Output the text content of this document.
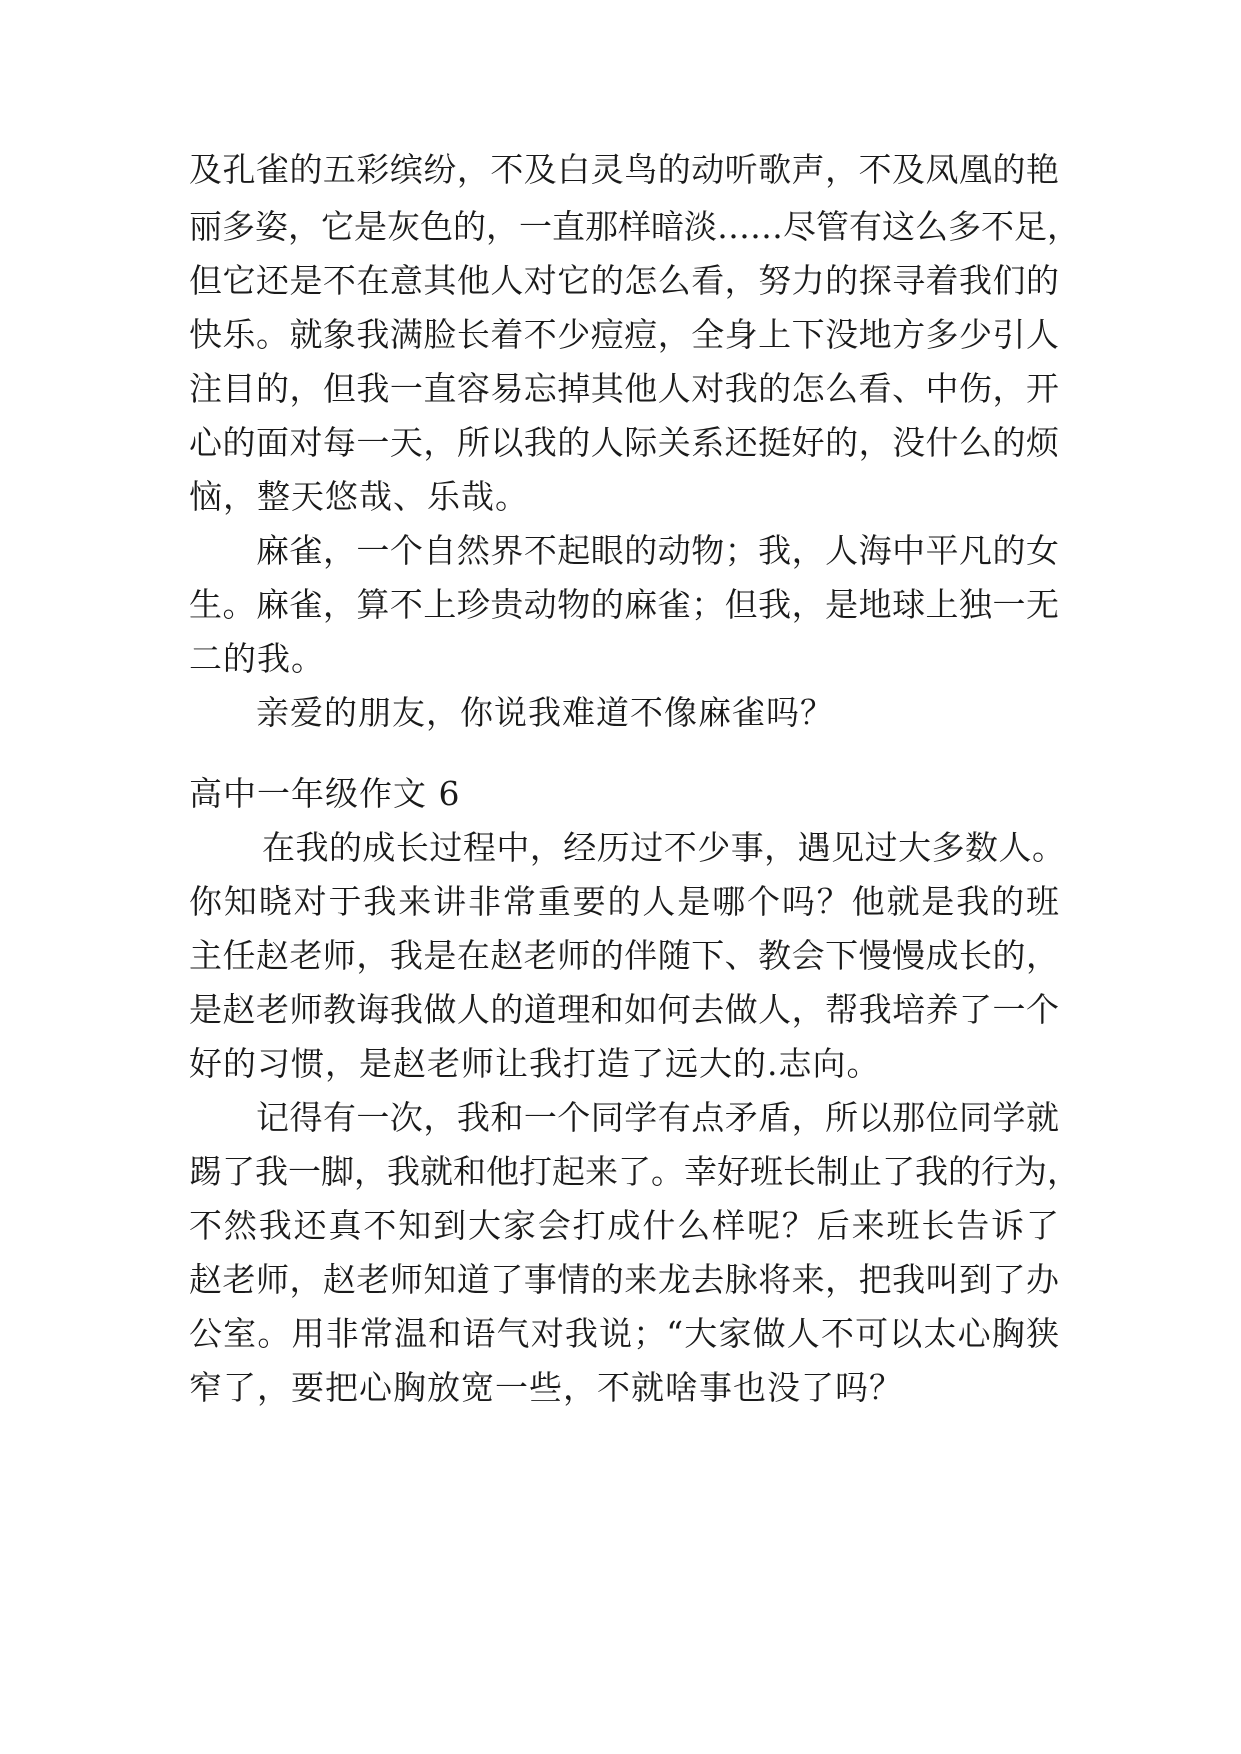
及孔雀的五彩缤纷，不及白灵鸟的动听歌声，不及凤凰的艳
丽多姿，它是灰色的，一直那样暗淡……尽管有这么多不足，
但它还是不在意其他人对它的怎么看，努力的探寻着我们的
快乐。就象我满脸长着不少痘痘，全身上下没地方多少引人
注目的，但我一直容易忘掉其他人对我的怎么看、中伤，开
心的面对每一天，所以我的人际关系还挺好的，没什么的烦
恼，整天悠哉、乐哉。
麻雀，一个自然界不起眼的动物；我，人海中平凡的女
生。麻雀，算不上珍贵动物的麻雀；但我，是地球上独一无
二的我。
亲爱的朋友，你说我难道不像麻雀吗？
高中一年级作文 6
在我的成长过程中，经历过不少事，遇见过大多数人。
你知晓对于我来讲非常重要的人是哪个吗？他就是我的班
主任赵老师，我是在赵老师的伴随下、教会下慢慢成长的，
是赵老师教诲我做人的道理和如何去做人，帮我培养了一个
好的习惯，是赵老师让我打造了远大的.志向。
记得有一次，我和一个同学有点矛盾，所以那位同学就
踢了我一脚，我就和他打起来了。幸好班长制止了我的行为，
不然我还真不知到大家会打成什么样呢？后来班长告诉了
赵老师，赵老师知道了事情的来龙去脉将来，把我叫到了办
公室。用非常温和语气对我说；“大家做人不可以太心胸狭
窄了，要把心胸放宽一些，不就啥事也没了吗？
